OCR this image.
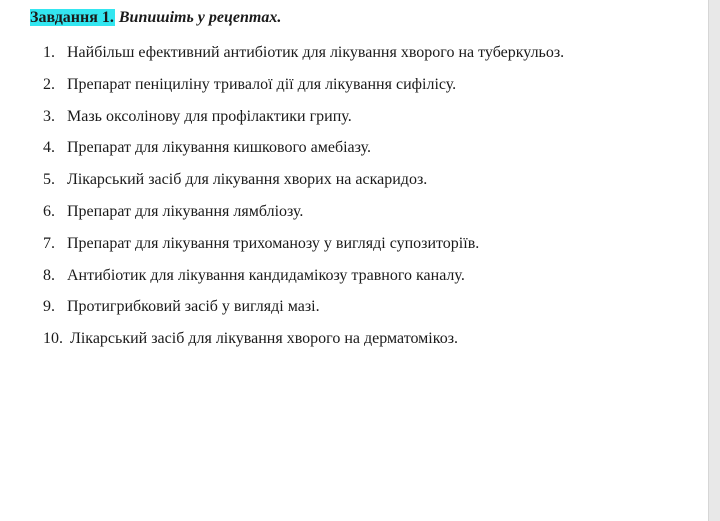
Завдання 1. Випишіть у рецептах.
1. Найбільш ефективний антибіотик для лікування хворого на туберкульоз.
2. Препарат пеніциліну тривалої дії для лікування сифілісу.
3. Мазь оксолінову для профілактики грипу.
4. Препарат для лікування кишкового амебіазу.
5. Лікарський засіб для лікування хворих на аскаридоз.
6. Препарат для лікування лямбліозу.
7. Препарат для лікування трихоманозу у вигляді супозиторіїв.
8. Антибіотик для лікування кандидамікозу травного каналу.
9. Протигрибковий засіб у вигляді мазі.
10. Лікарський засіб для лікування хворого на дерматомікоз.
